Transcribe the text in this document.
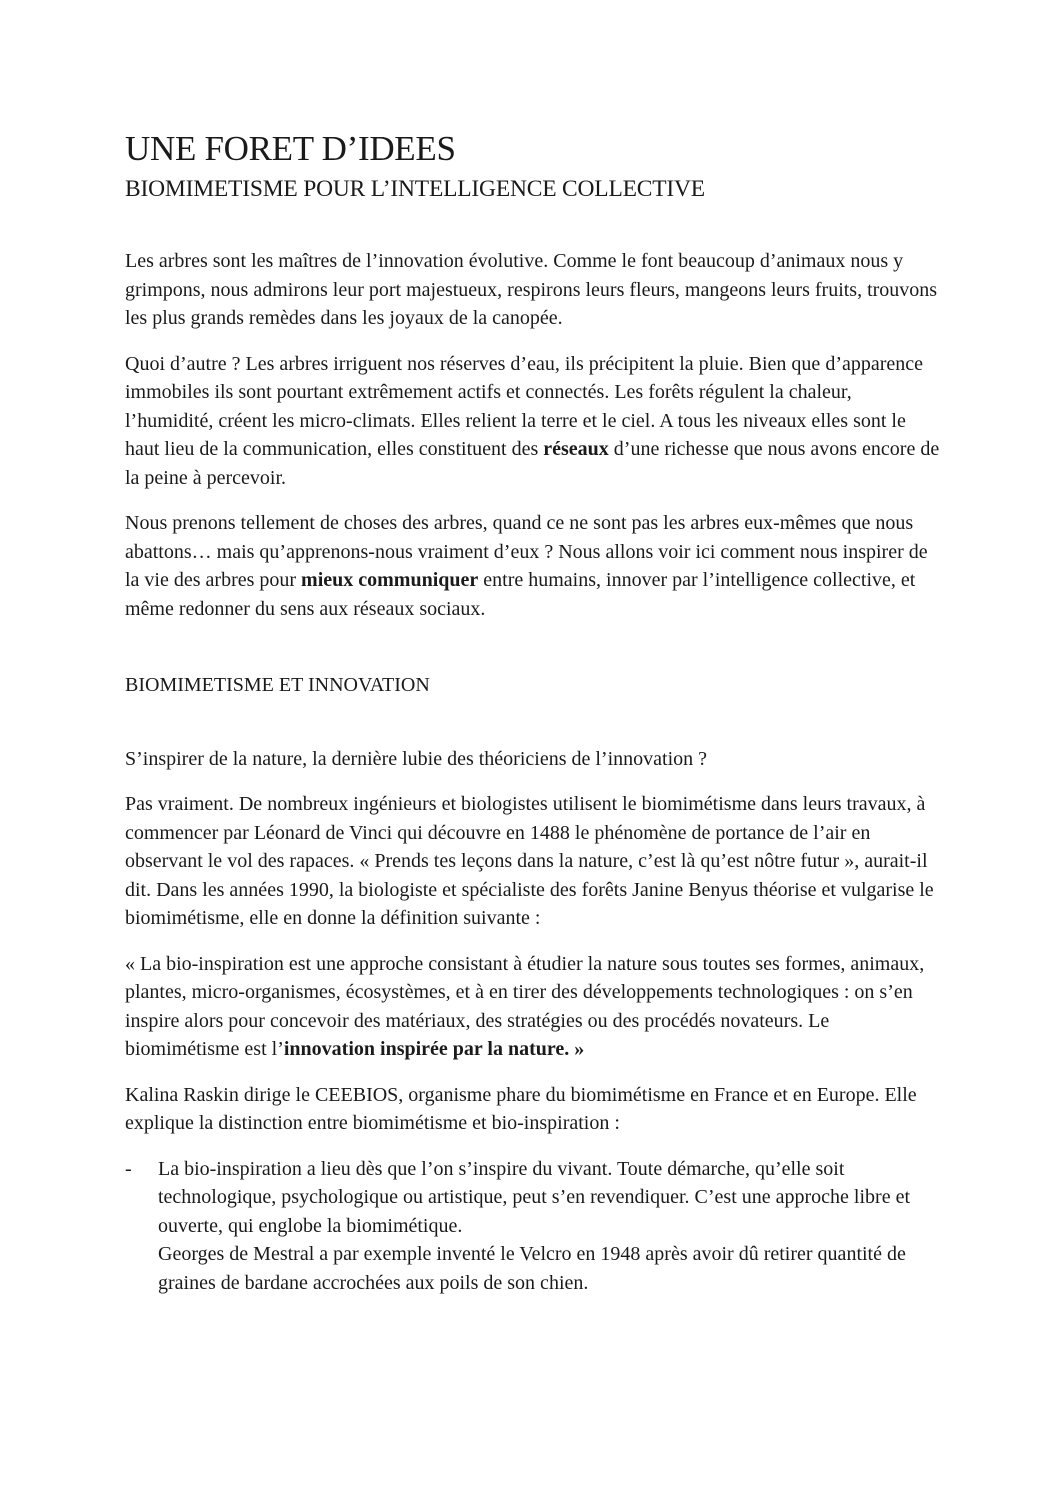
UNE FORET D’IDEES
BIOMIMETISME POUR L’INTELLIGENCE COLLECTIVE

Les arbres sont les maîtres de l’innovation évolutive. Comme le font beaucoup d’animaux nous y grimpons, nous admirons leur port majestueux, respirons leurs fleurs, mangeons leurs fruits, trouvons les plus grands remèdes dans les joyaux de la canopée.

Quoi d’autre ? Les arbres irriguent nos réserves d’eau, ils précipitent la pluie. Bien que d’apparence immobiles ils sont pourtant extrêmement actifs et connectés. Les forêts régulent la chaleur, l’humidité, créent les micro-climats. Elles relient la terre et le ciel. A tous les niveaux elles sont le haut lieu de la communication, elles constituent des réseaux d’une richesse que nous avons encore de la peine à percevoir.

Nous prenons tellement de choses des arbres, quand ce ne sont pas les arbres eux-mêmes que nous abattons… mais qu’apprenons-nous vraiment d’eux ? Nous allons voir ici comment nous inspirer de la vie des arbres pour mieux communiquer entre humains, innover par l’intelligence collective, et même redonner du sens aux réseaux sociaux.

BIOMIMETISME ET INNOVATION

S’inspirer de la nature, la dernière lubie des théoriciens de l’innovation ?

Pas vraiment. De nombreux ingénieurs et biologistes utilisent le biomimétisme dans leurs travaux, à commencer par Léonard de Vinci qui découvre en 1488 le phénomène de portance de l’air en observant le vol des rapaces. « Prends tes leçons dans la nature, c’est là qu’est nôtre futur », aurait-il dit. Dans les années 1990, la biologiste et spécialiste des forêts Janine Benyus théorise et vulgarise le biomimétisme, elle en donne la définition suivante :

« La bio-inspiration est une approche consistant à étudier la nature sous toutes ses formes, animaux, plantes, micro-organismes, écosystèmes, et à en tirer des développements technologiques : on s’en inspire alors pour concevoir des matériaux, des stratégies ou des procédés novateurs. Le biomimétisme est l’innovation inspirée par la nature. »

Kalina Raskin dirige le CEEBIOS, organisme phare du biomimétisme en France et en Europe. Elle explique la distinction entre biomimétisme et bio-inspiration :

- La bio-inspiration a lieu dès que l’on s’inspire du vivant. Toute démarche, qu’elle soit technologique, psychologique ou artistique, peut s’en revendiquer. C’est une approche libre et ouverte, qui englobe la biomimétique.
Georges de Mestral a par exemple inventé le Velcro en 1948 après avoir dû retirer quantité de graines de bardane accrochées aux poils de son chien.
